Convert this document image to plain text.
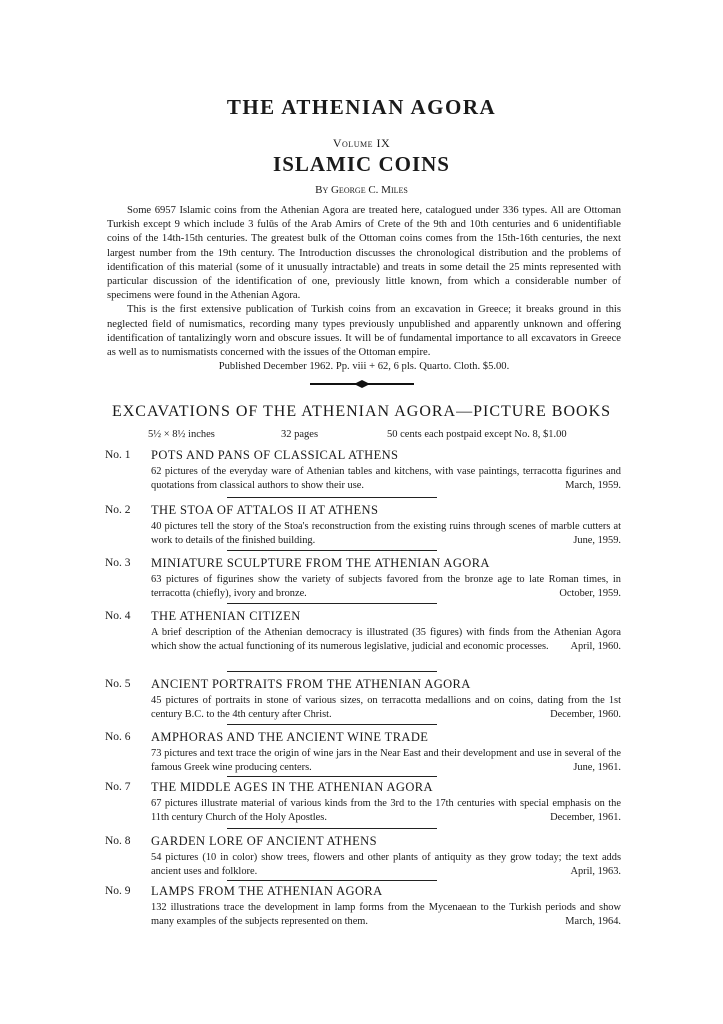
THE ATHENIAN AGORA
Volume IX
ISLAMIC COINS
By George C. Miles

Some 6957 Islamic coins from the Athenian Agora are treated here, catalogued under 336 types. All are Ottoman Turkish except 9 which include 3 fulūs of the Arab Amirs of Crete of the 9th and 10th centuries and 6 unidentifiable coins of the 14th-15th centuries. The greatest bulk of the Ottoman coins comes from the 15th-16th centuries, the next largest number from the 19th century. The Introduction discusses the chronological distribution and the problems of identification of this material (some of it unusually intractable) and treats in some detail the 25 mints represented with particular discussion of the identification of one, previously little known, from which a considerable number of specimens were found in the Athenian Agora.

This is the first extensive publication of Turkish coins from an excavation in Greece; it breaks ground in this neglected field of numismatics, recording many types previously unpublished and apparently unknown and offering identification of tantalizingly worn and obscure issues. It will be of fundamental importance to all excavators in Greece as well as to numismatists concerned with the issues of the Ottoman empire.

Published December 1962. Pp. viii + 62, 6 pls. Quarto. Cloth. $5.00.

EXCAVATIONS OF THE ATHENIAN AGORA—PICTURE BOOKS
5½ × 8½ inches	32 pages	50 cents each postpaid except No. 8, $1.00
No. 1 POTS AND PANS OF CLASSICAL ATHENS
62 pictures of the everyday ware of Athenian tables and kitchens, with vase paintings, terracotta figurines and quotations from classical authors to show their use.	March, 1959.
No. 2 THE STOA OF ATTALOS II AT ATHENS
40 pictures tell the story of the Stoa's reconstruction from the existing ruins through scenes of marble cutters at work to details of the finished building.	June, 1959.
No. 3 MINIATURE SCULPTURE FROM THE ATHENIAN AGORA
63 pictures of figurines show the variety of subjects favored from the bronze age to late Roman times, in terracotta (chiefly), ivory and bronze.	October, 1959.
No. 4 THE ATHENIAN CITIZEN
A brief description of the Athenian democracy is illustrated (35 figures) with finds from the Athenian Agora which show the actual functioning of its numerous legislative, judicial and economic processes. April, 1960.
No. 5 ANCIENT PORTRAITS FROM THE ATHENIAN AGORA
45 pictures of portraits in stone of various sizes, on terracotta medallions and on coins, dating from the 1st century B.C. to the 4th century after Christ.	December, 1960.
No. 6 AMPHORAS AND THE ANCIENT WINE TRADE
73 pictures and text trace the origin of wine jars in the Near East and their development and use in several of the famous Greek wine producing centers.	June, 1961.
No. 7 THE MIDDLE AGES IN THE ATHENIAN AGORA
67 pictures illustrate material of various kinds from the 3rd to the 17th centuries with special emphasis on the 11th century Church of the Holy Apostles.	December, 1961.
No. 8 GARDEN LORE OF ANCIENT ATHENS
54 pictures (10 in color) show trees, flowers and other plants of antiquity as they grow today; the text adds ancient uses and folklore.	April, 1963.
No. 9 LAMPS FROM THE ATHENIAN AGORA
132 illustrations trace the development in lamp forms from the Mycenaean to the Turkish periods and show many examples of the subjects represented on them.	March, 1964.
